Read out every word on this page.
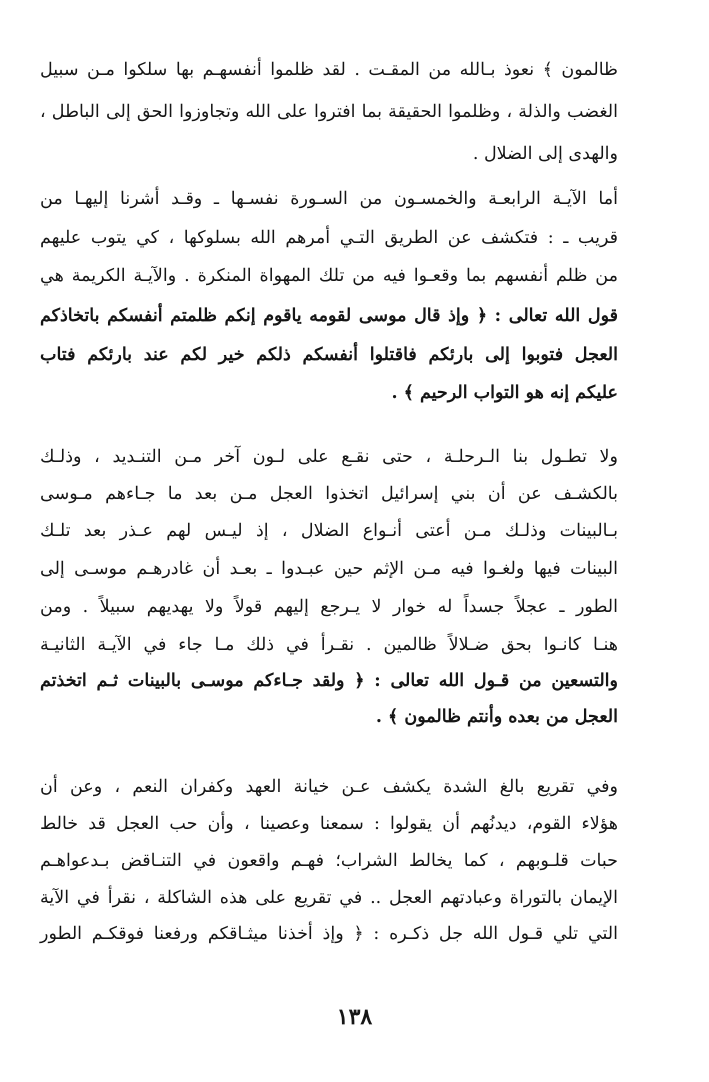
ظالمون ﴾ نعوذ بـالله من المقـت . لقد ظلموا أنفسهـم بها سلكوا مـن سبيل
الغضب والذلة ، وظلموا الحقيقة بما افتروا على الله وتجاوزوا الحق إلى الباطل ،
والهدى إلى الضلال .
أما الآيـة الرابعـة والخمسـون من السـورة نفسـها ـ وقـد أشرنا إليهـا من
قريب ـ : فتكشف عن الطريق التـي أمرهم الله بسلوكها ، كي يتوب عليهم
من ظلم أنفسهم بما وقعـوا فيه من تلك المهواة المنكرة . والآيـة الكريمة هي
قول الله تعالى : ﴿ وإذ قال موسى لقومه ياقوم إنكم ظلمتم أنفسكم باتخاذكم
العجل فتوبوا إلى بارئكم فاقتلوا أنفسكم ذلكم خير لكم عند بارئكم فتاب
عليكم إنه هو التواب الرحيم ﴾ .
ولا تطـول بنا الـرحلـة ، حتى نقـع على لـون آخر مـن التنـديد ، وذلـك
بالكشـف عن أن بني إسرائيل اتخذوا العجل مـن بعد ما جـاءهم مـوسى
بـالبينات وذلـك مـن أعتى أنـواع الضلال ، إذ ليـس لهم عـذر بعد تلـك
البينات فيها ولغـوا فيه مـن الإثم حين عبـدوا ـ بعـد أن غادرهـم موسـى إلى
الطور ـ عجلاً جسداً له خوار لا يـرجع إليهم قولاً ولا يهديهم سبيلاً . ومن
هنـا كانـوا بحق ضـلالاً ظالمين . نقـرأ في ذلك مـا جاء في الآيـة الثانيـة
والتسعين من قـول الله تعالى : ﴿ ولقد جـاءكم موسـى بالبينات ثـم اتخذتم
العجل من بعده وأنتم ظالمون ﴾ .
وفي تقريع بالغ الشدة يكشف عـن خيانة العهد وكفران النعم ، وعن أن
هؤلاء القوم، ديدنُهم أن يقولوا : سمعنا وعصينا ، وأن حب العجل قد خالط
حبات قلـوبهم ، كما يخالط الشراب؛ فهـم واقعون في التنـاقض بـدعواهـم
الإيمان بالتوراة وعبادتهم العجل .. في تقريع على هذه الشاكلة ، نقرأ في الآية
التي تلي قـول الله جل ذكـره : ﴿ وإذ أخذنا ميثـاقكم ورفعنا فوقكـم الطور
١٣٨
